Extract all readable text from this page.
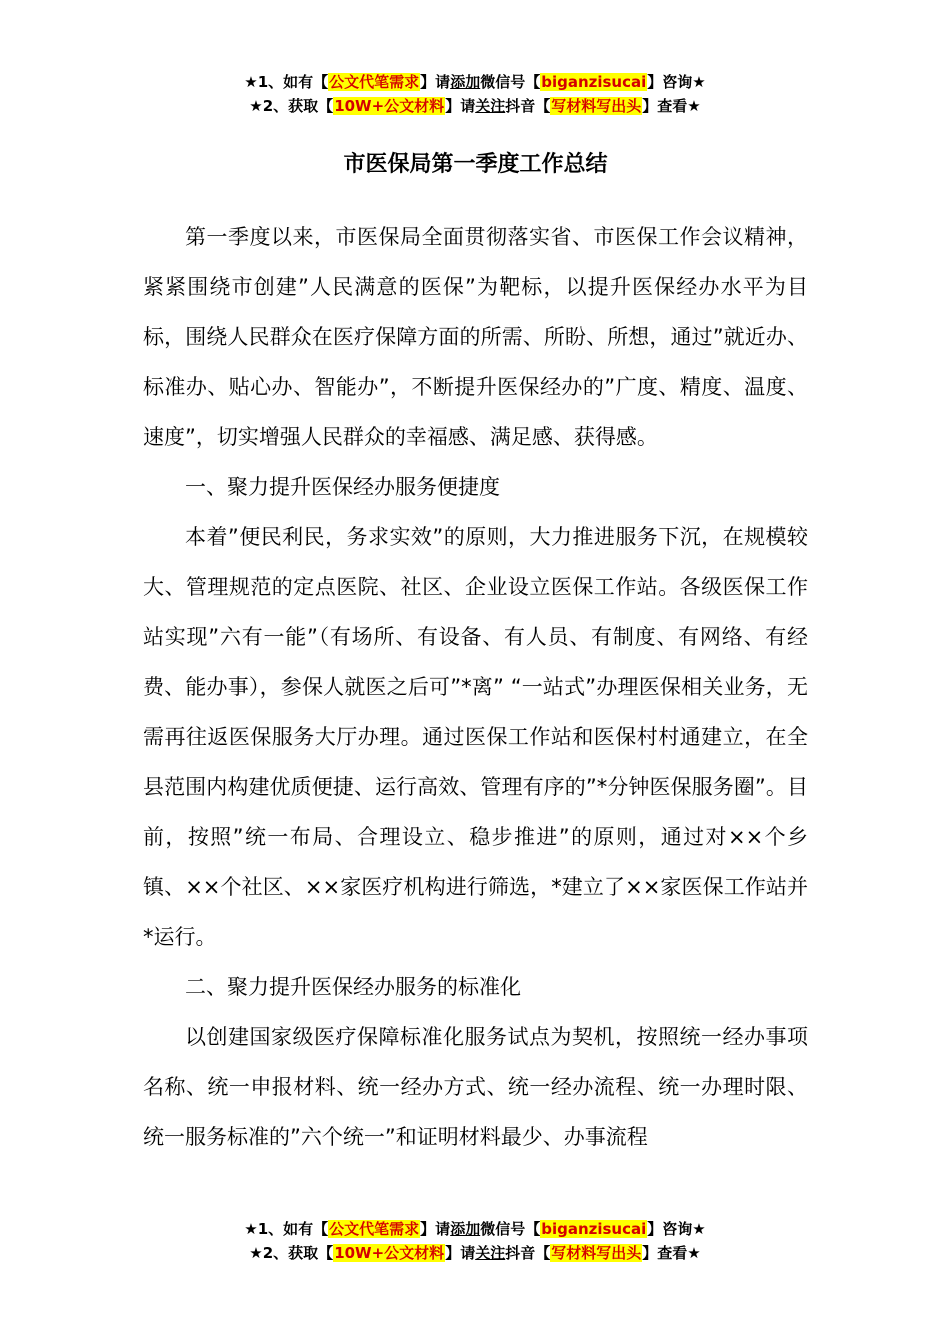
★1、如有【公文代笔需求】请添加微信号【biganzisucai】咨询★
★2、获取【10W+公文材料】请关注抖音【写材料写出头】查看★
市医保局第一季度工作总结

第一季度以来，市医保局全面贯彻落实省、市医保工作会议精神，紧紧围绕市创建”人民满意的医保”为靶标，以提升医保经办水平为目标，围绕人民群众在医疗保障方面的所需、所盼、所想，通过”就近办、标准办、贴心办、智能办”，不断提升医保经办的”广度、精度、温度、速度”，切实增强人民群众的幸福感、满足感、获得感。

一、聚力提升医保经办服务便捷度

本着”便民利民，务求实效”的原则，大力推进服务下沉，在规模较大、管理规范的定点医院、社区、企业设立医保工作站。各级医保工作站实现”六有一能”（有场所、有设备、有人员、有制度、有网络、有经费、能办事），参保人就医之后可”*离” “一站式”办理医保相关业务，无需再往返医保服务大厅办理。通过医保工作站和医保村村通建立，在全县范围内构建优质便捷、运行高效、管理有序的”*分钟医保服务圈”。目前，按照”统一布局、合理设立、稳步推进”的原则，通过对××个乡镇、××个社区、××家医疗机构进行筛选，*建立了××家医保工作站并*运行。

二、聚力提升医保经办服务的标准化

以创建国家级医疗保障标准化服务试点为契机，按照统一经办事项名称、统一申报材料、统一经办方式、统一经办流程、统一办理时限、统一服务标准的”六个统一”和证明材料最少、办事流程

★1、如有【公文代笔需求】请添加微信号【biganzisucai】咨询★
★2、获取【10W+公文材料】请关注抖音【写材料写出头】查看★
